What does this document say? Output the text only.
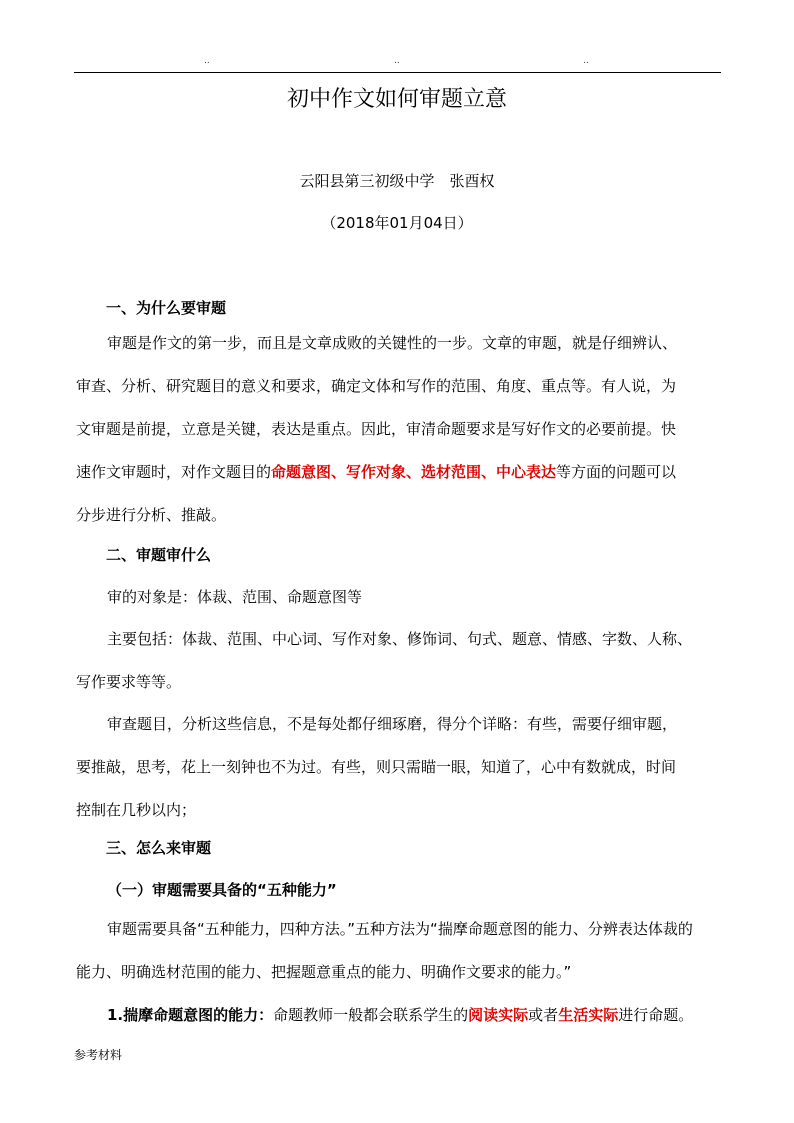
..	..	..
初中作文如何审题立意
云阳县第三初级中学　张酉权
（2018年01月04日）
一、为什么要审题
审题是作文的第一步，而且是文章成败的关键性的一步。文章的审题，就是仔细辨认、
审查、分析、研究题目的意义和要求，确定文体和写作的范围、角度、重点等。有人说，为
文审题是前提，立意是关键，表达是重点。因此，审清命题要求是写好作文的必要前提。快
速作文审题时，对作文题目的命题意图、写作对象、选材范围、中心表达等方面的问题可以
分步进行分析、推敲。
二、审题审什么
审的对象是：体裁、范围、命题意图等
主要包括：体裁、范围、中心词、写作对象、修饰词、句式、题意、情感、字数、人称、
写作要求等等。
审查题目，分析这些信息，不是每处都仔细琢磨，得分个详略：有些，需要仔细审题，
要推敲，思考，花上一刻钟也不为过。有些，则只需瞄一眼，知道了，心中有数就成，时间
控制在几秒以内；
三、怎么来审题
（一）审题需要具备的“五种能力”
审题需要具备“五种能力，四种方法。”五种方法为“揣摩命题意图的能力、分辨表达体裁的
能力、明确选材范围的能力、把握题意重点的能力、明确作文要求的能力。”
1.揣摩命题意图的能力：命题教师一般都会联系学生的阅读实际或者生活实际进行命题。
参考材料
